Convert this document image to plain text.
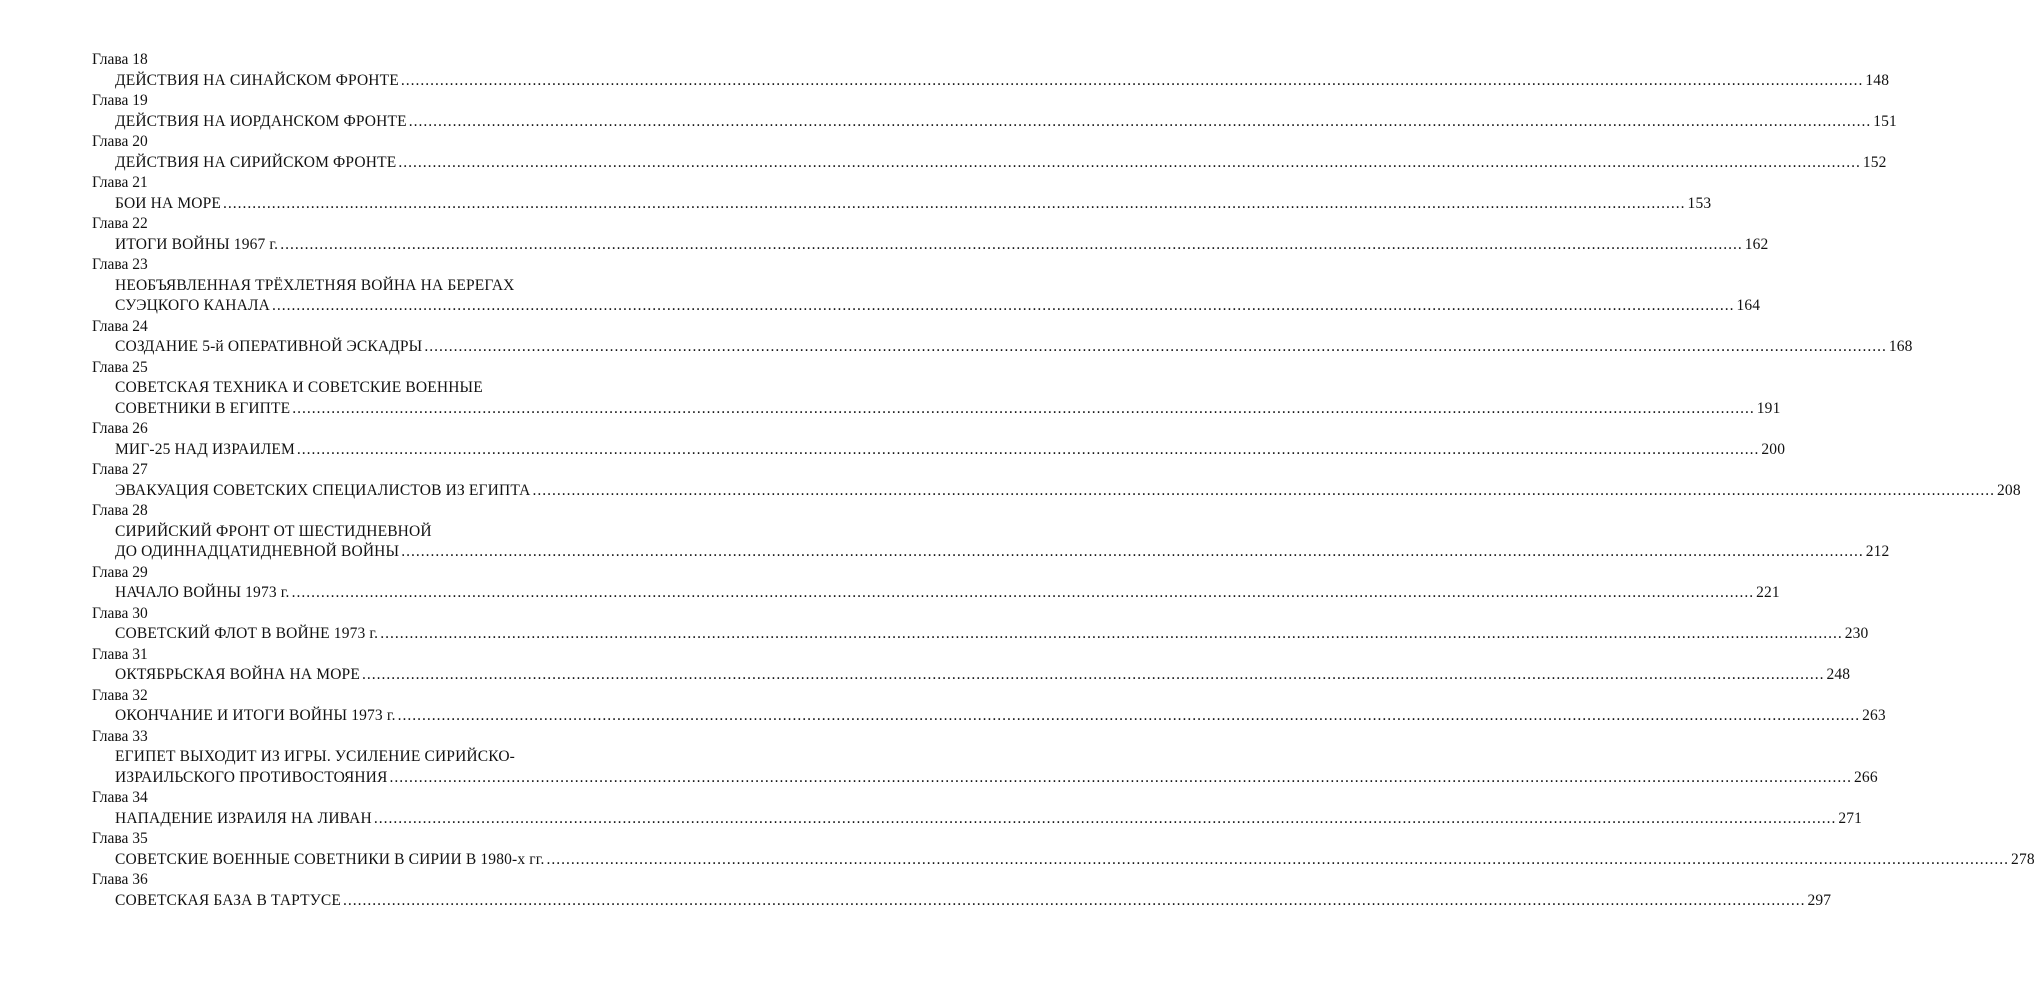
Глава 18
ДЕЙСТВИЯ НА СИНАЙСКОМ ФРОНТЕ ............................................................................................................................................................................................................................................................................................................ 148
Глава 19
ДЕЙСТВИЯ НА ИОРДАНСКОМ ФРОНТЕ ............................................................................................................................................................................................................................................................................................................ 151
Глава 20
ДЕЙСТВИЯ НА СИРИЙСКОМ ФРОНТЕ ............................................................................................................................................................................................................................................................................................................ 152
Глава 21
БОИ НА МОРЕ ............................................................................................................................................................................................................................................................................................................ 153
Глава 22
ИТОГИ ВОЙНЫ 1967 г. ............................................................................................................................................................................................................................................................................................................ 162
Глава 23
НЕОБЪЯВЛЕННАЯ ТРЁХЛЕТНЯЯ ВОЙНА НА БЕРЕГАХ
СУЭЦКОГО КАНАЛА ............................................................................................................................................................................................................................................................................................................ 164
Глава 24
СОЗДАНИЕ 5-й ОПЕРАТИВНОЙ ЭСКАДРЫ ............................................................................................................................................................................................................................................................................................................ 168
Глава 25
СОВЕТСКАЯ ТЕХНИКА И СОВЕТСКИЕ ВОЕННЫЕ
СОВЕТНИКИ В ЕГИПТЕ ............................................................................................................................................................................................................................................................................................................ 191
Глава 26
МИГ-25 НАД ИЗРАИЛЕМ ............................................................................................................................................................................................................................................................................................................ 200
Глава 27
ЭВАКУАЦИЯ СОВЕТСКИХ СПЕЦИАЛИСТОВ ИЗ ЕГИПТА ............................................................................................................................................................................................................................................................................................................ 208
Глава 28
СИРИЙСКИЙ ФРОНТ ОТ ШЕСТИДНЕВНОЙ
ДО ОДИННАДЦАТИДНЕВНОЙ ВОЙНЫ ............................................................................................................................................................................................................................................................................................................ 212
Глава 29
НАЧАЛО ВОЙНЫ 1973 г. ............................................................................................................................................................................................................................................................................................................ 221
Глава 30
СОВЕТСКИЙ ФЛОТ В ВОЙНЕ 1973 г. ............................................................................................................................................................................................................................................................................................................ 230
Глава 31
ОКТЯБРЬСКАЯ ВОЙНА НА МОРЕ ............................................................................................................................................................................................................................................................................................................ 248
Глава 32
ОКОНЧАНИЕ И ИТОГИ ВОЙНЫ 1973 г. ............................................................................................................................................................................................................................................................................................................ 263
Глава 33
ЕГИПЕТ ВЫХОДИТ ИЗ ИГРЫ. УСИЛЕНИЕ СИРИЙСКО-
ИЗРАИЛЬСКОГО ПРОТИВОСТОЯНИЯ ............................................................................................................................................................................................................................................................................................................ 266
Глава 34
НАПАДЕНИЕ ИЗРАИЛЯ НА ЛИВАН ............................................................................................................................................................................................................................................................................................................ 271
Глава 35
СОВЕТСКИЕ ВОЕННЫЕ СОВЕТНИКИ В СИРИИ В 1980-х гг. ............................................................................................................................................................................................................................................................................................................ 278
Глава 36
СОВЕТСКАЯ БАЗА В ТАРТУСЕ ............................................................................................................................................................................................................................................................................................................ 297
